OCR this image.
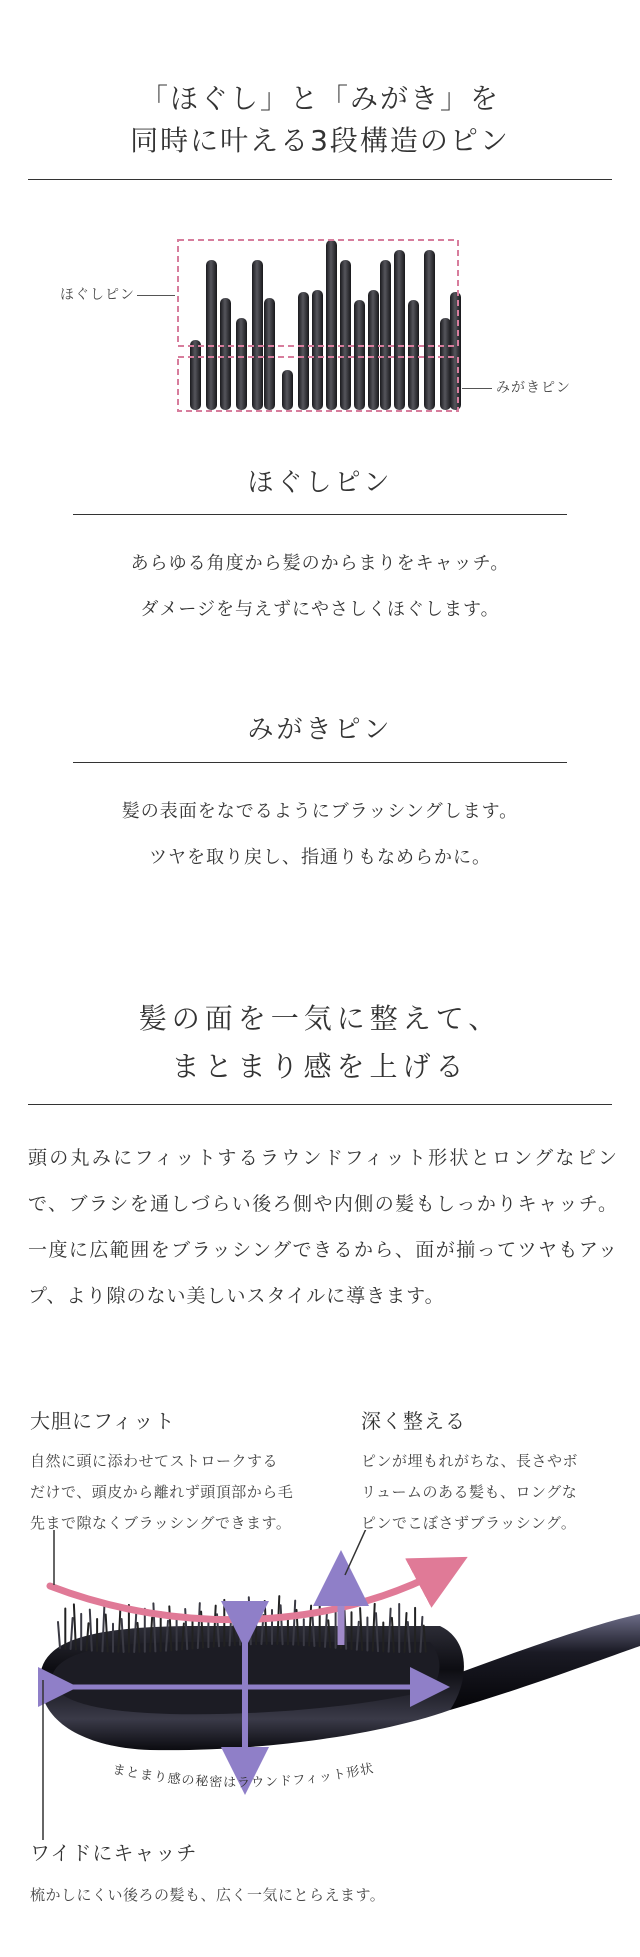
「ほぐし」と「みがき」を
同時に叶える3段構造のピン
ほぐしピン
みがきピン
ほぐしピン
あらゆる角度から髪のからまりをキャッチ。
ダメージを与えずにやさしくほぐします。
みがきピン
髪の表面をなでるようにブラッシングします。
ツヤを取り戻し、指通りもなめらかに。
髪の面を一気に整えて、
まとまり感を上げる
頭の丸みにフィットするラウンドフィット形状とロングなピンで、ブラシを通しづらい後ろ側や内側の髪もしっかりキャッチ。一度に広範囲をブラッシングできるから、面が揃ってツヤもアップ、より隙のない美しいスタイルに導きます。
大胆にフィット
自然に頭に添わせてストロークする
だけで、頭皮から離れず頭頂部から毛
先まで隙なくブラッシングできます。
深く整える
ピンが埋もれがちな、長さやボ
リュームのある髪も、ロングな
ピンでこぼさずブラッシング。
まとまり感の秘密はラウンドフィット形状
ワイドにキャッチ
梳かしにくい後ろの髪も、広く一気にとらえます。
